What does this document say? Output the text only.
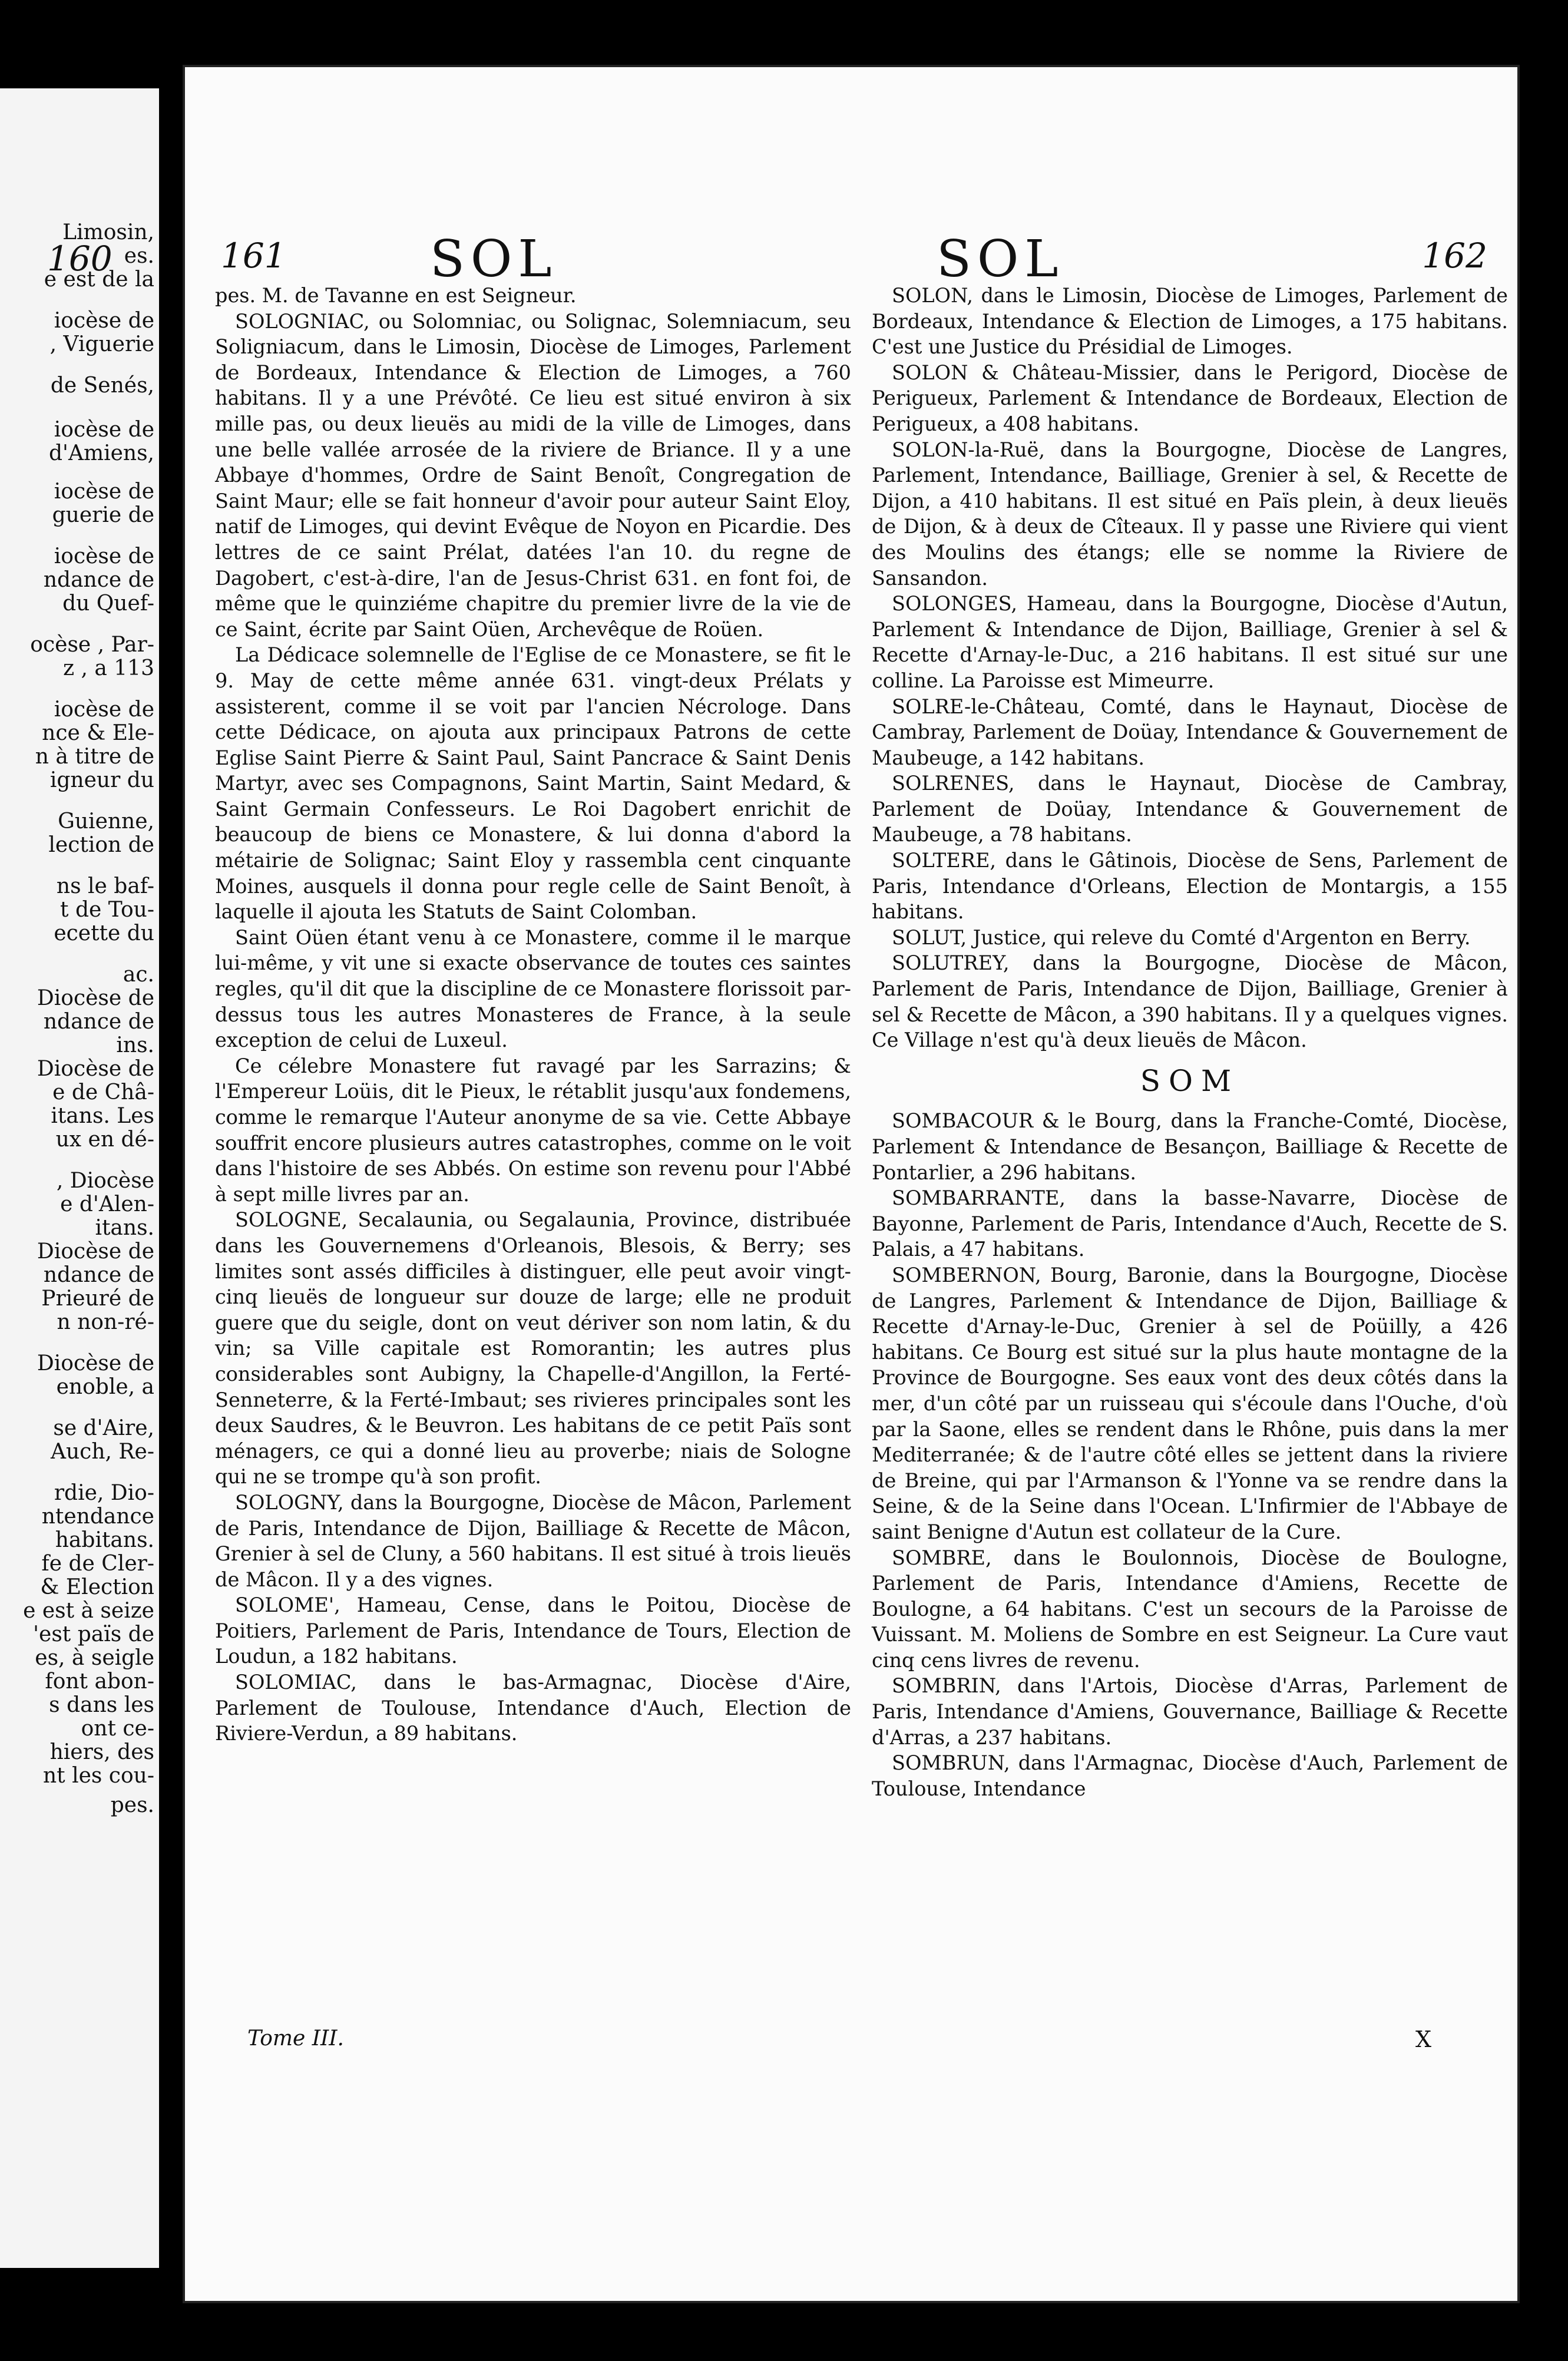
160
Limosin,
es.
e est de la
iocèse de
, Viguerie
de Senés,
iocèse de
d'Amiens,
iocèse de
guerie de
iocèse de
ndance de
du Quef-
ocèse , Par-
z , a 113
iocèse de
nce & Ele-
n à titre de
igneur du
Guienne,
lection de
ns le baf-
t de Tou-
ecette du
ac.
Diocèse de
ndance de
ins.
Diocèse de
e de Châ-
itans. Les
ux en dé-
, Diocèse
e d'Alen-
itans.
Diocèse de
ndance de
Prieuré de
n non-ré-
Diocèse de
enoble, a
se d'Aire,
Auch, Re-
rdie, Dio-
ntendance
habitans.
fe de Cler-
& Election
e est à seize
'est païs de
es, à seigle
font abon-
s dans les
ont ce-
hiers, des
nt les cou-
pes.
161	SOL	SOL	162

pes. M. de Tavanne en est Seigneur.

SOLOGNIAC, ou Solomniac, ou Solignac, Solemniacum, seu Soligniacum, dans le Limosin, Diocèse de Limoges, Parlement de Bordeaux, Intendance & Election de Limoges, a 760 habitans. Il y a une Prévôté. Ce lieu est situé environ à six mille pas, ou deux lieuës au midi de la ville de Limoges, dans une belle vallée arrosée de la riviere de Briance. Il y a une Abbaye d'hommes, Ordre de Saint Benoît, Congregation de Saint Maur; elle se fait honneur d'avoir pour auteur Saint Eloy, natif de Limoges, qui devint Evêque de Noyon en Picardie. Des lettres de ce saint Prélat, datées l'an 10. du regne de Dagobert, c'est-à-dire, l'an de Jesus-Christ 631. en font foi, de même que le quinziéme chapitre du premier livre de la vie de ce Saint, écrite par Saint Oüen, Archevêque de Roüen.

La Dédicace solemnelle de l'Eglise de ce Monastere, se fit le 9. May de cette même année 631. vingt-deux Prélats y assisterent, comme il se voit par l'ancien Nécrologe. Dans cette Dédicace, on ajouta aux principaux Patrons de cette Eglise Saint Pierre & Saint Paul, Saint Pancrace & Saint Denis Martyr, avec ses Compagnons, Saint Martin, Saint Medard, & Saint Germain Confesseurs. Le Roi Dagobert enrichit de beaucoup de biens ce Monastere, & lui donna d'abord la métairie de Solignac; Saint Eloy y rassembla cent cinquante Moines, ausquels il donna pour regle celle de Saint Benoît, à laquelle il ajouta les Statuts de Saint Colomban.

Saint Oüen étant venu à ce Monastere, comme il le marque lui-même, y vit une si exacte observance de toutes ces saintes regles, qu'il dit que la discipline de ce Monastere florissoit par-dessus tous les autres Monasteres de France, à la seule exception de celui de Luxeul.

Ce célebre Monastere fut ravagé par les Sarrazins; & l'Empereur Loüis, dit le Pieux, le rétablit jusqu'aux fondemens, comme le remarque l'Auteur anonyme de sa vie. Cette Abbaye souffrit encore plusieurs autres catastrophes, comme on le voit dans l'histoire de ses Abbés. On estime son revenu pour l'Abbé à sept mille livres par an.

SOLOGNE, Secalaunia, ou Segalaunia, Province, distribuée dans les Gouvernemens d'Orleanois, Blesois, & Berry; ses limites sont assés difficiles à distinguer, elle peut avoir vingt-cinq lieuës de longueur sur douze de large; elle ne produit guere que du seigle, dont on veut dériver son nom latin, & du vin; sa Ville capitale est Romorantin; les autres plus considerables sont Aubigny, la Chapelle-d'Angillon, la Ferté-Senneterre, & la Ferté-Imbaut; ses rivieres principales sont les deux Saudres, & le Beuvron. Les habitans de ce petit Païs sont ménagers, ce qui a donné lieu au proverbe; niais de Sologne qui ne se trompe qu'à son profit.

SOLOGNY, dans la Bourgogne, Diocèse de Mâcon, Parlement de Paris, Intendance de Dijon, Bailliage & Recette de Mâcon, Grenier à sel de Cluny, a 560 habitans. Il est situé à trois lieuës de Mâcon. Il y a des vignes.

SOLOME', Hameau, Cense, dans le Poitou, Diocèse de Poitiers, Parlement de Paris, Intendance de Tours, Election de Loudun, a 182 habitans.

SOLOMIAC, dans le bas-Armagnac, Diocèse d'Aire, Parlement de Toulouse, Intendance d'Auch, Election de Riviere-Verdun, a 89 habitans.

SOLON, dans le Limosin, Diocèse de Limoges, Parlement de Bordeaux, Intendance & Election de Limoges, a 175 habitans. C'est une Justice du Présidial de Limoges.

SOLON & Château-Missier, dans le Perigord, Diocèse de Perigueux, Parlement & Intendance de Bordeaux, Election de Perigueux, a 408 habitans.

SOLON-la-Ruë, dans la Bourgogne, Diocèse de Langres, Parlement, Intendance, Bailliage, Grenier à sel, & Recette de Dijon, a 410 habitans. Il est situé en Païs plein, à deux lieuës de Dijon, & à deux de Cîteaux. Il y passe une Riviere qui vient des Moulins des étangs; elle se nomme la Riviere de Sansandon.

SOLONGES, Hameau, dans la Bourgogne, Diocèse d'Autun, Parlement & Intendance de Dijon, Bailliage, Grenier à sel & Recette d'Arnay-le-Duc, a 216 habitans. Il est situé sur une colline. La Paroisse est Mimeurre.

SOLRE-le-Château, Comté, dans le Haynaut, Diocèse de Cambray, Parlement de Doüay, Intendance & Gouvernement de Maubeuge, a 142 habitans.

SOLRENES, dans le Haynaut, Diocèse de Cambray, Parlement de Doüay, Intendance & Gouvernement de Maubeuge, a 78 habitans.

SOLTERE, dans le Gâtinois, Diocèse de Sens, Parlement de Paris, Intendance d'Orleans, Election de Montargis, a 155 habitans.

SOLUT, Justice, qui releve du Comté d'Argenton en Berry.

SOLUTREY, dans la Bourgogne, Diocèse de Mâcon, Parlement de Paris, Intendance de Dijon, Bailliage, Grenier à sel & Recette de Mâcon, a 390 habitans. Il y a quelques vignes. Ce Village n'est qu'à deux lieuës de Mâcon.

SOM

SOMBACOUR & le Bourg, dans la Franche-Comté, Diocèse, Parlement & Intendance de Besançon, Bailliage & Recette de Pontarlier, a 296 habitans.

SOMBARRANTE, dans la basse-Navarre, Diocèse de Bayonne, Parlement de Paris, Intendance d'Auch, Recette de S. Palais, a 47 habitans.

SOMBERNON, Bourg, Baronie, dans la Bourgogne, Diocèse de Langres, Parlement & Intendance de Dijon, Bailliage & Recette d'Arnay-le-Duc, Grenier à sel de Poüilly, a 426 habitans. Ce Bourg est situé sur la plus haute montagne de la Province de Bourgogne. Ses eaux vont des deux côtés dans la mer, d'un côté par un ruisseau qui s'écoule dans l'Ouche, d'où par la Saone, elles se rendent dans le Rhône, puis dans la mer Mediterranée; & de l'autre côté elles se jettent dans la riviere de Breine, qui par l'Armanson & l'Yonne va se rendre dans la Seine, & de la Seine dans l'Ocean. L'Infirmier de l'Abbaye de saint Benigne d'Autun est collateur de la Cure.

SOMBRE, dans le Boulonnois, Diocèse de Boulogne, Parlement de Paris, Intendance d'Amiens, Recette de Boulogne, a 64 habitans. C'est un secours de la Paroisse de Vuissant. M. Moliens de Sombre en est Seigneur. La Cure vaut cinq cens livres de revenu.

SOMBRIN, dans l'Artois, Diocèse d'Arras, Parlement de Paris, Intendance d'Amiens, Gouvernance, Bailliage & Recette d'Arras, a 237 habitans.

SOMBRUN, dans l'Armagnac, Diocèse d'Auch, Parlement de Toulouse, Intendance

Tome III.	X
